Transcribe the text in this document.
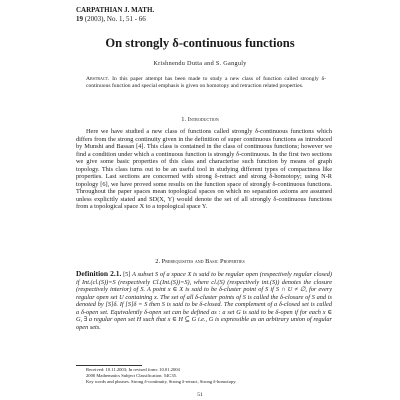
CARPATHIAN J. MATH.
19 (2003), No. 1, 51 - 66
On strongly δ-continuous functions
Krishnendu Dutta and S. Ganguly
Abstract. In this paper attempt has been made to study a new class of function called strongly δ-continuous function and special emphasis is given on homotopy and retraction related properties.
1. Introduction

Here we have studied a new class of functions called strongly δ-continuous functions which differs from the strong continuity given in the definition of super continuous functions as introduced by Munshi and Bassan [4]. This class is contained in the class of continuous functions; however we find a condition under which a continuous function is strongly δ-continuous. In the first two sections we give some basic properties of this class and characterise such function by means of graph topology. This class turns out to be an useful tool in studying different types of compactness like properties. Last sections are concerned with strong δ-retract and strong δ-homotopy; using N-R topology [6], we have proved some results on the function space of strongly δ-continuous functions. Throughout the paper spaces mean topological spaces on which no separation axioms are assumed unless explicitly stated and SD(X, Y) would denote the set of all strongly δ-continuous functions from a topological space X to a topological space Y.

2. Prerequisites and Basic Properties
Definition 2.1. [5] A subset S of a space X is said to be regular open (respectively regular closed) if Int.(cl.(S))=S (respectively Cl.(Int.(S))=S), where cl.(S) (respectively int.(S)) denotes the closure (respectively interior) of S. A point x ∈ X is said to be δ-cluster point of S if S ∩ U ≠ ∅, for every regular open set U containing x. The set of all δ-cluster points of S is called the δ-closure of S and is denoted by [S]δ. If [S]δ = S then S is said to be δ-closed. The complement of a δ-closed set is called a δ-open set. Equivalently δ-open set can be defined as : a set G is said to be δ-open if for each x ∈ G, ∃ a regular open set H such that x ∈ H ⊆ G i.e., G is expressible as an arbitrary union of regular open sets.
Received: 10.11.2003; In revised form: 10.01.2004
2000 Mathematics Subject Classification. 54C35.
Key words and phrases. Strong δ-continuity, Strong δ-retract, Strong δ-homotopy.
51
